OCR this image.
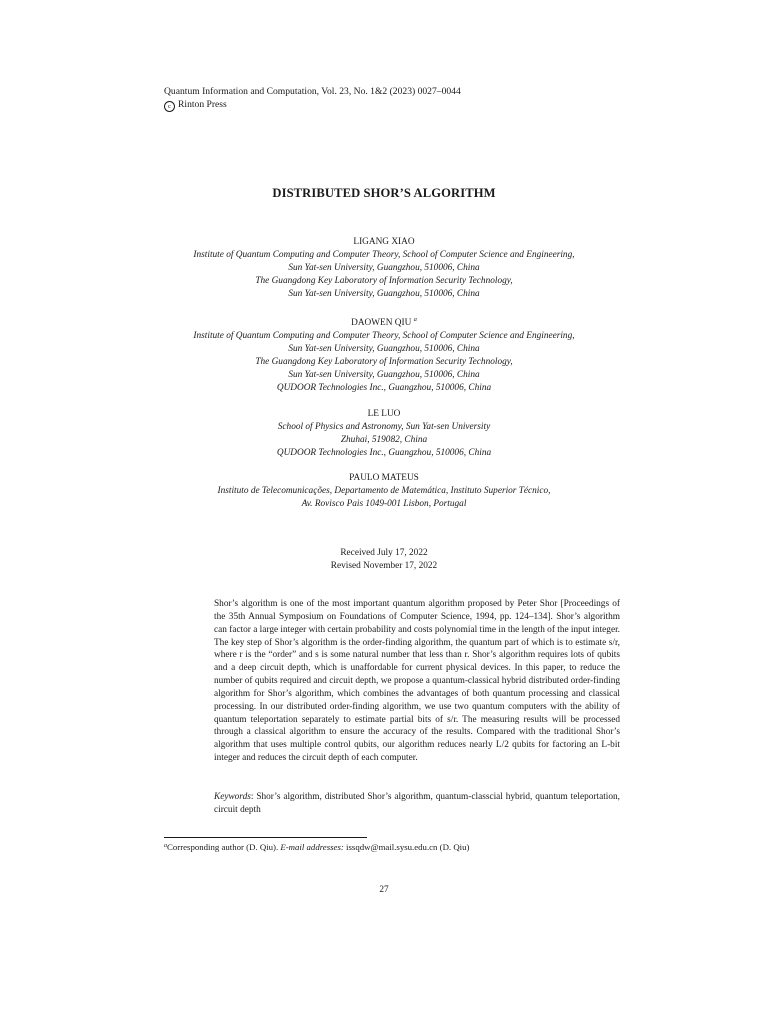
Quantum Information and Computation, Vol. 23, No. 1&2 (2023) 0027–0044
c Rinton Press
DISTRIBUTED SHOR’S ALGORITHM
LIGANG XIAO
Institute of Quantum Computing and Computer Theory, School of Computer Science and Engineering,
Sun Yat-sen University, Guangzhou, 510006, China
The Guangdong Key Laboratory of Information Security Technology,
Sun Yat-sen University, Guangzhou, 510006, China
DAOWEN QIU $^a$
Institute of Quantum Computing and Computer Theory, School of Computer Science and Engineering,
Sun Yat-sen University, Guangzhou, 510006, China
The Guangdong Key Laboratory of Information Security Technology,
Sun Yat-sen University, Guangzhou, 510006, China
QUDOOR Technologies Inc., Guangzhou, 510006, China
LE LUO
School of Physics and Astronomy, Sun Yat-sen University
Zhuhai, 519082, China
QUDOOR Technologies Inc., Guangzhou, 510006, China
PAULO MATEUS
Instituto de Telecomunicações, Departamento de Matemática, Instituto Superior Técnico,
Av. Rovisco Pais 1049-001 Lisbon, Portugal
Received July 17, 2022
Revised November 17, 2022
Shor’s algorithm is one of the most important quantum algorithm proposed by Peter Shor [Proceedings of the 35th Annual Symposium on Foundations of Computer Science, 1994, pp. 124–134]. Shor’s algorithm can factor a large integer with certain probability and costs polynomial time in the length of the input integer. The key step of Shor’s algorithm is the order-finding algorithm, the quantum part of which is to estimate s/r, where r is the “order” and s is some natural number that less than r. Shor’s algorithm requires lots of qubits and a deep circuit depth, which is unaffordable for current physical devices. In this paper, to reduce the number of qubits required and circuit depth, we propose a quantum-classical hybrid distributed order-finding algorithm for Shor’s algorithm, which combines the advantages of both quantum processing and classical processing. In our distributed order-finding algorithm, we use two quantum computers with the ability of quantum teleportation separately to estimate partial bits of s/r. The measuring results will be processed through a classical algorithm to ensure the accuracy of the results. Compared with the traditional Shor’s algorithm that uses multiple control qubits, our algorithm reduces nearly L/2 qubits for factoring an L-bit integer and reduces the circuit depth of each computer.
Keywords: Shor’s algorithm, distributed Shor’s algorithm, quantum-classcial hybrid, quantum teleportation, circuit depth
$^a$Corresponding author (D. Qiu). E-mail addresses: issqdw@mail.sysu.edu.cn (D. Qiu)
27
